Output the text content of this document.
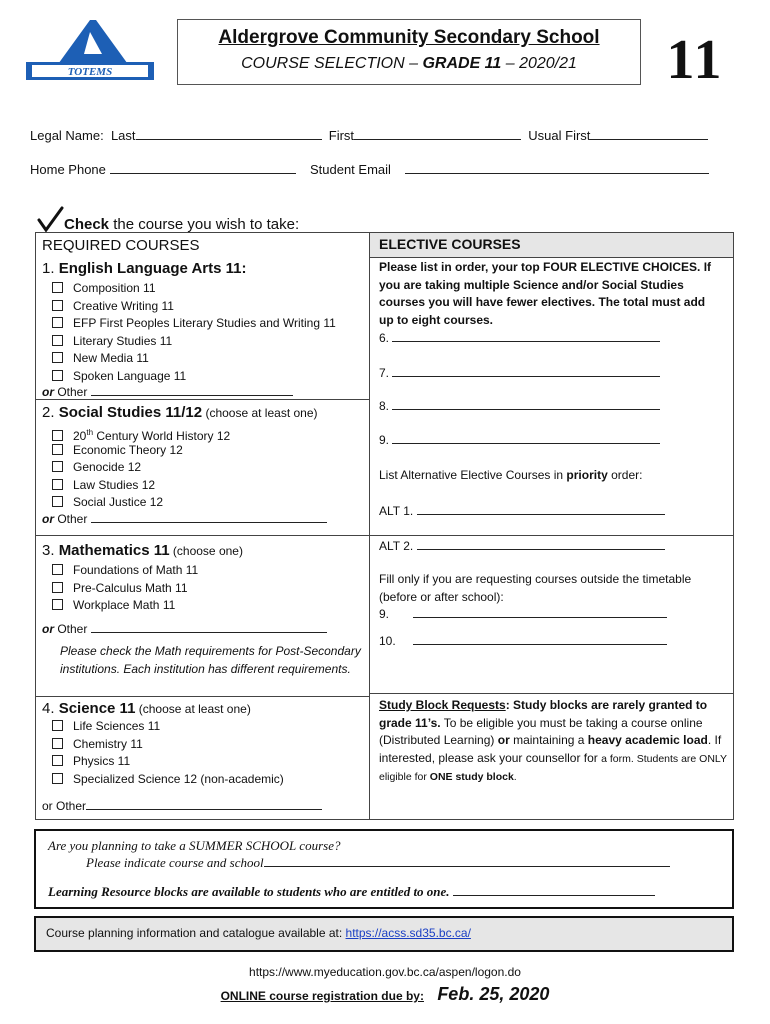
TOTEMS
Aldergrove Community Secondary School
COURSE SELECTION – GRADE 11 – 2020/21	11
Legal Name: Last	First	Usual First
Home Phone	Student Email
Check the course you wish to take:
REQUIRED COURSES
1. English Language Arts 11:
Composition 11
Creative Writing 11
EFP First Peoples Literary Studies and Writing 11
Literary Studies 11
New Media 11
Spoken Language 11
or Other
2. Social Studies 11/12 (choose at least one)
20th Century World History 12
Economic Theory 12
Genocide 12
Law Studies 12
Social Justice 12
or Other
3. Mathematics 11 (choose one)
Foundations of Math 11
Pre-Calculus Math 11
Workplace Math 11
or Other
Please check the Math requirements for Post-Secondary institutions. Each institution has different requirements.
4. Science 11 (choose at least one)
Life Sciences 11
Chemistry 11
Physics 11
Specialized Science 12 (non-academic)
or Other
ELECTIVE COURSES
Please list in order, your top FOUR ELECTIVE CHOICES. If you are taking multiple Science and/or Social Studies courses you will have fewer electives. The total must add up to eight courses.
6.
7.
8.
9.
List Alternative Elective Courses in priority order:
ALT 1.
ALT 2.
Fill only if you are requesting courses outside the timetable (before or after school):
9.
10.
Study Block Requests: Study blocks are rarely granted to grade 11’s. To be eligible you must be taking a course online (Distributed Learning) or maintaining a heavy academic load. If interested, please ask your counsellor for a form. Students are ONLY eligible for ONE study block.
Are you planning to take a SUMMER SCHOOL course?
Please indicate course and school
Learning Resource blocks are available to students who are entitled to one.
Course planning information and catalogue available at: https://acss.sd35.bc.ca/
https://www.myeducation.gov.bc.ca/aspen/logon.do
ONLINE course registration due by: Feb. 25, 2020
